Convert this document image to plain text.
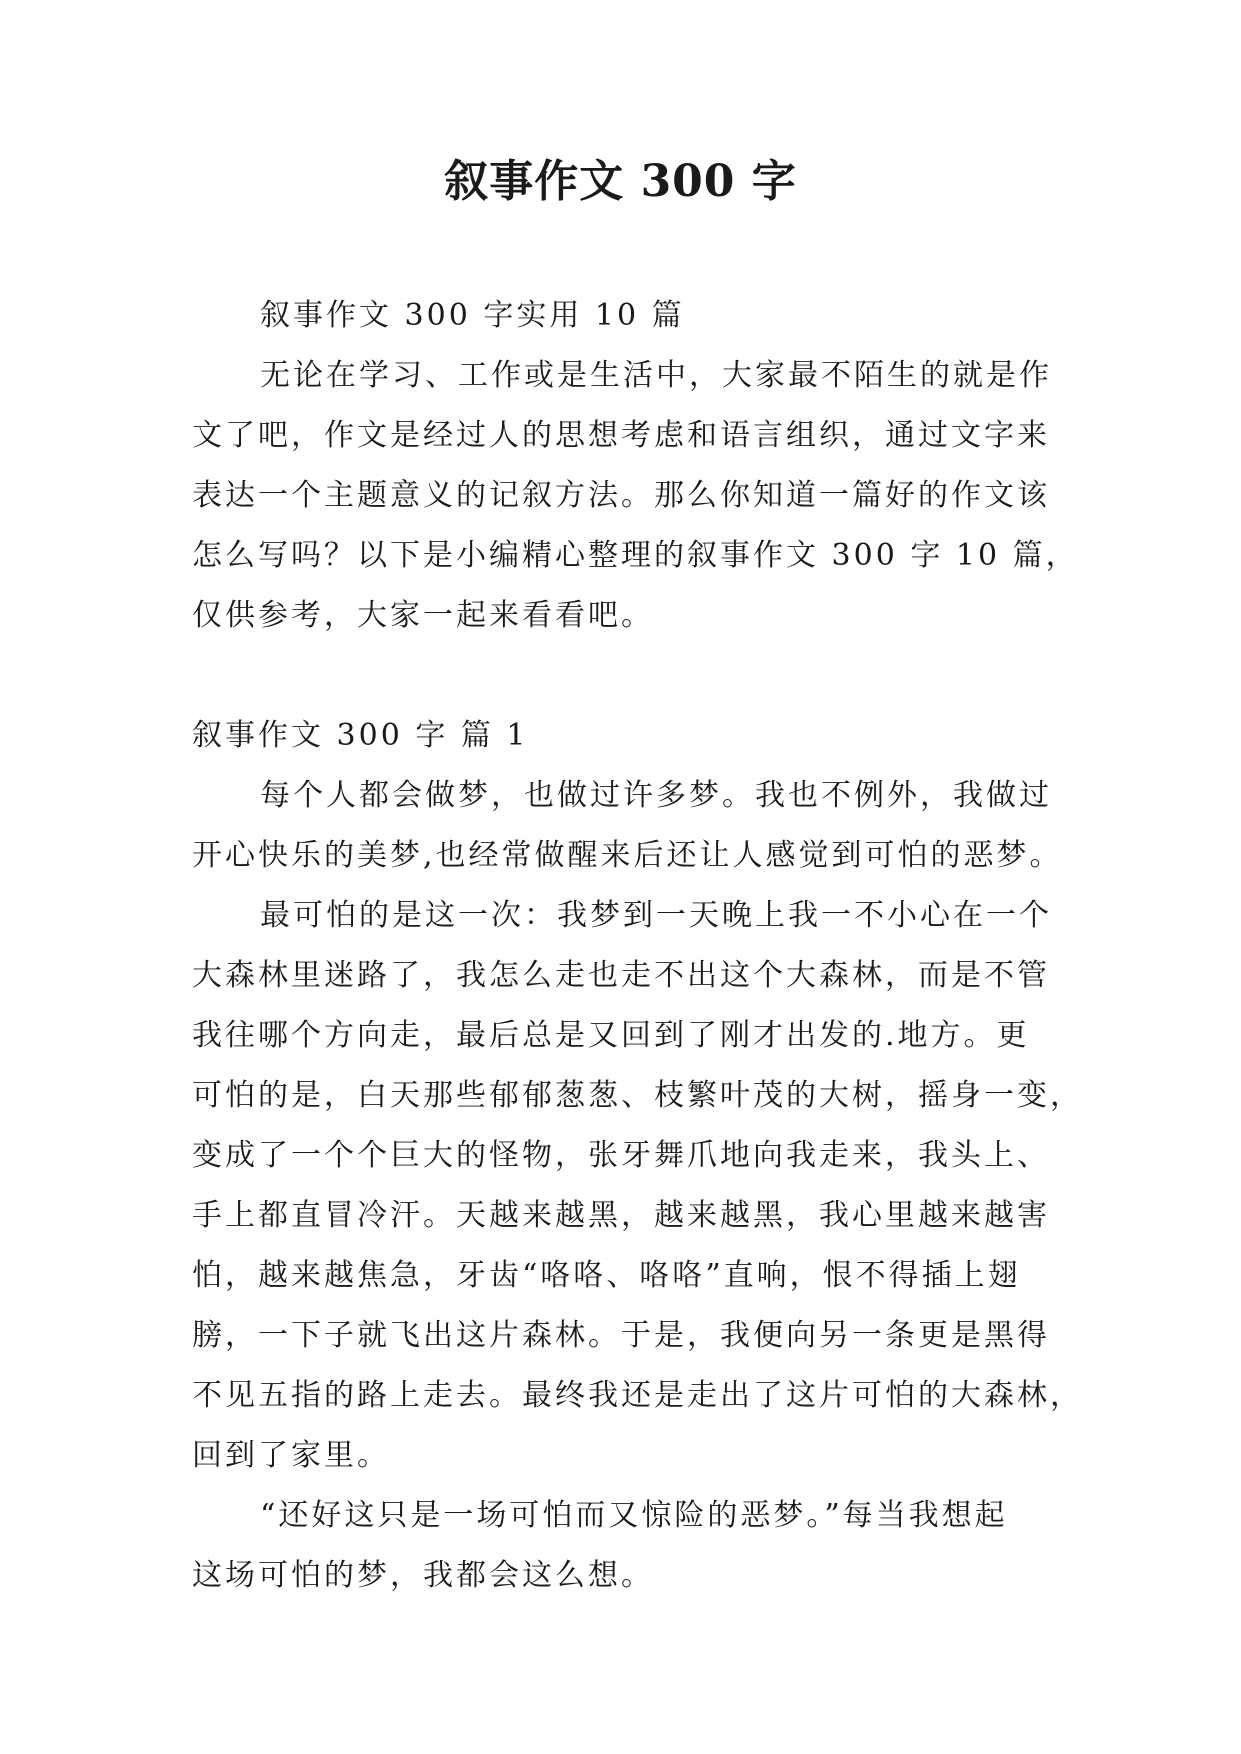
叙事作文 300 字
叙事作文 300 字实用 10 篇
无论在学习、工作或是生活中，大家最不陌生的就是作
文了吧，作文是经过人的思想考虑和语言组织，通过文字来
表达一个主题意义的记叙方法。那么你知道一篇好的作文该
怎么写吗？以下是小编精心整理的叙事作文 300 字 10 篇，
仅供参考，大家一起来看看吧。
叙事作文 300 字 篇 1
每个人都会做梦，也做过许多梦。我也不例外，我做过
开心快乐的美梦,也经常做醒来后还让人感觉到可怕的恶梦。
最可怕的是这一次：我梦到一天晚上我一不小心在一个
大森林里迷路了，我怎么走也走不出这个大森林，而是不管
我往哪个方向走，最后总是又回到了刚才出发的.地方。更
可怕的是，白天那些郁郁葱葱、枝繁叶茂的大树，摇身一变，
变成了一个个巨大的怪物，张牙舞爪地向我走来，我头上、
手上都直冒冷汗。天越来越黑，越来越黑，我心里越来越害
怕，越来越焦急，牙齿“咯咯、咯咯”直响，恨不得插上翅
膀，一下子就飞出这片森林。于是，我便向另一条更是黑得
不见五指的路上走去。最终我还是走出了这片可怕的大森林，
回到了家里。
“还好这只是一场可怕而又惊险的恶梦。”每当我想起
这场可怕的梦，我都会这么想。
